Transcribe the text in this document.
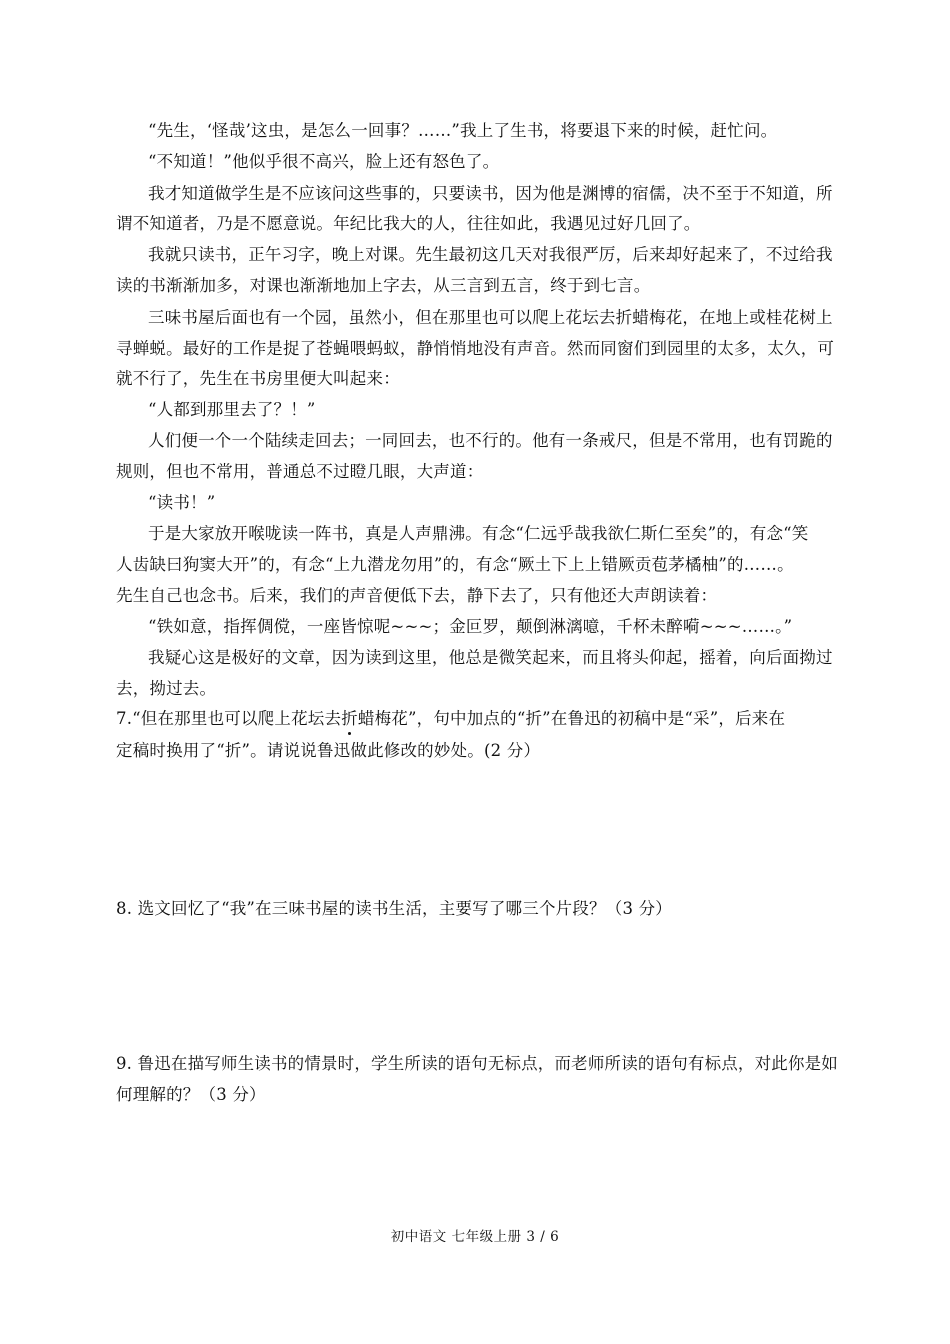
“先生，‘怪哉’这虫，是怎么一回事？……”我上了生书，将要退下来的时候，赶忙问。
“不知道！”他似乎很不高兴，脸上还有怒色了。
我才知道做学生是不应该问这些事的，只要读书，因为他是渊博的宿儒，决不至于不知道，所
谓不知道者，乃是不愿意说。年纪比我大的人，往往如此，我遇见过好几回了。
我就只读书，正午习字，晚上对课。先生最初这几天对我很严厉，后来却好起来了，不过给我
读的书渐渐加多，对课也渐渐地加上字去，从三言到五言，终于到七言。
三味书屋后面也有一个园，虽然小，但在那里也可以爬上花坛去折蜡梅花，在地上或桂花树上
寻蝉蜕。最好的工作是捉了苍蝇喂蚂蚁，静悄悄地没有声音。然而同窗们到园里的太多，太久，可
就不行了，先生在书房里便大叫起来：
“人都到那里去了？！”
人们便一个一个陆续走回去；一同回去，也不行的。他有一条戒尺，但是不常用，也有罚跪的
规则，但也不常用，普通总不过瞪几眼，大声道：
“读书！”
于是大家放开喉咙读一阵书，真是人声鼎沸。有念“仁远乎哉我欲仁斯仁至矣”的，有念“笑
人齿缺曰狗窦大开”的，有念“上九潜龙勿用”的，有念“厥土下上上错厥贡苞茅橘柚”的……。
先生自己也念书。后来，我们的声音便低下去，静下去了，只有他还大声朗读着：
“铁如意，指挥倜傥，一座皆惊呢~~~；金叵罗，颠倒淋漓噫，千杯未醉嗬~~~……。”
我疑心这是极好的文章，因为读到这里，他总是微笑起来，而且将头仰起，摇着，向后面拗过
去，拗过去。
7.“但在那里也可以爬上花坛去折蜡梅花”，句中加点的“折”在鲁迅的初稿中是“采”，后来在
定稿时换用了“折”。请说说鲁迅做此修改的妙处。(2 分）
8. 选文回忆了“我”在三味书屋的读书生活，主要写了哪三个片段？（3 分）
9. 鲁迅在描写师生读书的情景时，学生所读的语句无标点，而老师所读的语句有标点，对此你是如
何理解的？（3 分）
初中语文 七年级上册 3 / 6
